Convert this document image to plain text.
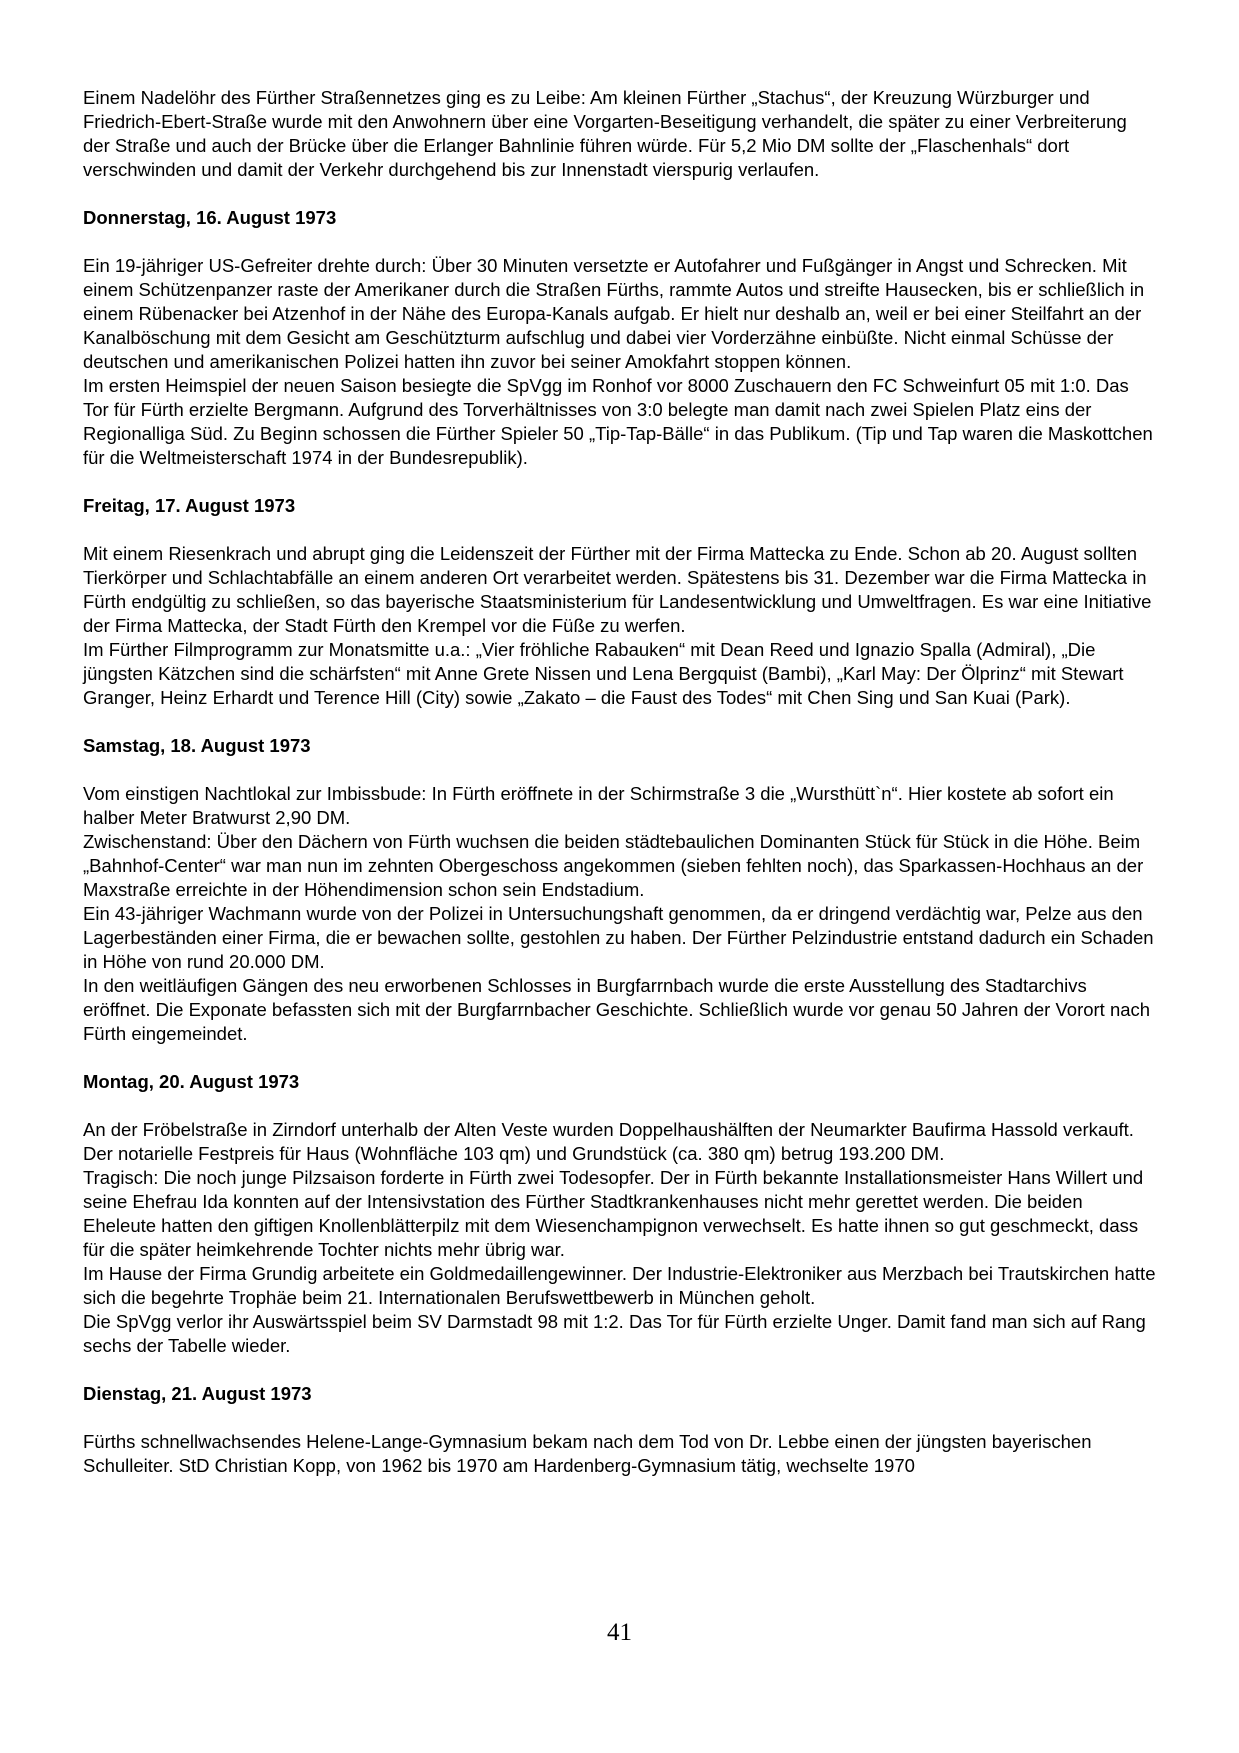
Einem Nadelöhr des Fürther Straßennetzes ging es zu Leibe: Am kleinen Fürther „Stachus“, der Kreuzung Würzburger und Friedrich-Ebert-Straße wurde mit den Anwohnern über eine Vorgarten-Beseitigung verhandelt, die später zu einer Verbreiterung der Straße und auch der Brücke über die Erlanger Bahnlinie führen würde. Für 5,2 Mio DM sollte der „Flaschenhals“ dort verschwinden und damit der Verkehr durchgehend bis zur Innenstadt vierspurig verlaufen.

Donnerstag, 16. August 1973

Ein 19-jähriger US-Gefreiter drehte durch: Über 30 Minuten versetzte er Autofahrer und Fußgänger in Angst und Schrecken. Mit einem Schützenpanzer raste der Amerikaner durch die Straßen Fürths, rammte Autos und streifte Hausecken, bis er schließlich in einem Rübenacker bei Atzenhof in der Nähe des Europa-Kanals aufgab. Er hielt nur deshalb an, weil er bei einer Steilfahrt an der Kanalböschung mit dem Gesicht am Geschützturm aufschlug und dabei vier Vorderzähne einbüßte. Nicht einmal Schüsse der deutschen und amerikanischen Polizei hatten ihn zuvor bei seiner Amokfahrt stoppen können.

Im ersten Heimspiel der neuen Saison besiegte die SpVgg im Ronhof vor 8000 Zuschauern den FC Schweinfurt 05 mit 1:0. Das Tor für Fürth erzielte Bergmann. Aufgrund des Torverhältnisses von 3:0 belegte man damit nach zwei Spielen Platz eins der Regionalliga Süd. Zu Beginn schossen die Fürther Spieler 50 „Tip-Tap-Bälle“ in das Publikum. (Tip und Tap waren die Maskottchen für die Weltmeisterschaft 1974 in der Bundesrepublik).

Freitag, 17. August 1973

Mit einem Riesenkrach und abrupt ging die Leidenszeit der Fürther mit der Firma Mattecka zu Ende. Schon ab 20. August sollten Tierkörper und Schlachtabfälle an einem anderen Ort verarbeitet werden. Spätestens bis 31. Dezember war die Firma Mattecka in Fürth endgültig zu schließen, so das bayerische Staatsministerium für Landesentwicklung und Umweltfragen. Es war eine Initiative der Firma Mattecka, der Stadt Fürth den Krempel vor die Füße zu werfen.

Im Fürther Filmprogramm zur Monatsmitte u.a.: „Vier fröhliche Rabauken“ mit Dean Reed und Ignazio Spalla (Admiral), „Die jüngsten Kätzchen sind die schärfsten“ mit Anne Grete Nissen und Lena Bergquist (Bambi), „Karl May: Der Ölprinz“ mit Stewart Granger, Heinz Erhardt und Terence Hill (City) sowie „Zakato – die Faust des Todes“ mit Chen Sing und San Kuai (Park).

Samstag, 18. August 1973

Vom einstigen Nachtlokal zur Imbissbude: In Fürth eröffnete in der Schirmstraße 3 die „Wursthütt`n“. Hier kostete ab sofort ein halber Meter Bratwurst 2,90 DM.

Zwischenstand: Über den Dächern von Fürth wuchsen die beiden städtebaulichen Dominanten Stück für Stück in die Höhe. Beim „Bahnhof-Center“ war man nun im zehnten Obergeschoss angekommen (sieben fehlten noch), das Sparkassen-Hochhaus an der Maxstraße erreichte in der Höhendimension schon sein Endstadium.

Ein 43-jähriger Wachmann wurde von der Polizei in Untersuchungshaft genommen, da er dringend verdächtig war, Pelze aus den Lagerbeständen einer Firma, die er bewachen sollte, gestohlen zu haben. Der Fürther Pelzindustrie entstand dadurch ein Schaden in Höhe von rund 20.000 DM.

In den weitläufigen Gängen des neu erworbenen Schlosses in Burgfarrnbach wurde die erste Ausstellung des Stadtarchivs eröffnet. Die Exponate befassten sich mit der Burgfarrnbacher Geschichte. Schließlich wurde vor genau 50 Jahren der Vorort nach Fürth eingemeindet.

Montag, 20. August 1973

An der Fröbelstraße in Zirndorf unterhalb der Alten Veste wurden Doppelhaushälften der Neumarkter Baufirma Hassold verkauft. Der notarielle Festpreis für Haus (Wohnfläche 103 qm) und Grundstück (ca. 380 qm) betrug 193.200 DM.

Tragisch: Die noch junge Pilzsaison forderte in Fürth zwei Todesopfer. Der in Fürth bekannte Installationsmeister Hans Willert und seine Ehefrau Ida konnten auf der Intensivstation des Fürther Stadtkrankenhauses nicht mehr gerettet werden. Die beiden Eheleute hatten den giftigen Knollenblätterpilz mit dem Wiesenchampignon verwechselt. Es hatte ihnen so gut geschmeckt, dass für die später heimkehrende Tochter nichts mehr übrig war.

Im Hause der Firma Grundig arbeitete ein Goldmedaillengewinner. Der Industrie-Elektroniker aus Merzbach bei Trautskirchen hatte sich die begehrte Trophäe beim 21. Internationalen Berufswettbewerb in München geholt.

Die SpVgg verlor ihr Auswärtsspiel beim SV Darmstadt 98 mit 1:2. Das Tor für Fürth erzielte Unger. Damit fand man sich auf Rang sechs der Tabelle wieder.

Dienstag, 21. August 1973

Fürths schnellwachsendes Helene-Lange-Gymnasium bekam nach dem Tod von Dr. Lebbe einen der jüngsten bayerischen Schulleiter. StD Christian Kopp, von 1962 bis 1970 am Hardenberg-Gymnasium tätig, wechselte 1970

41
